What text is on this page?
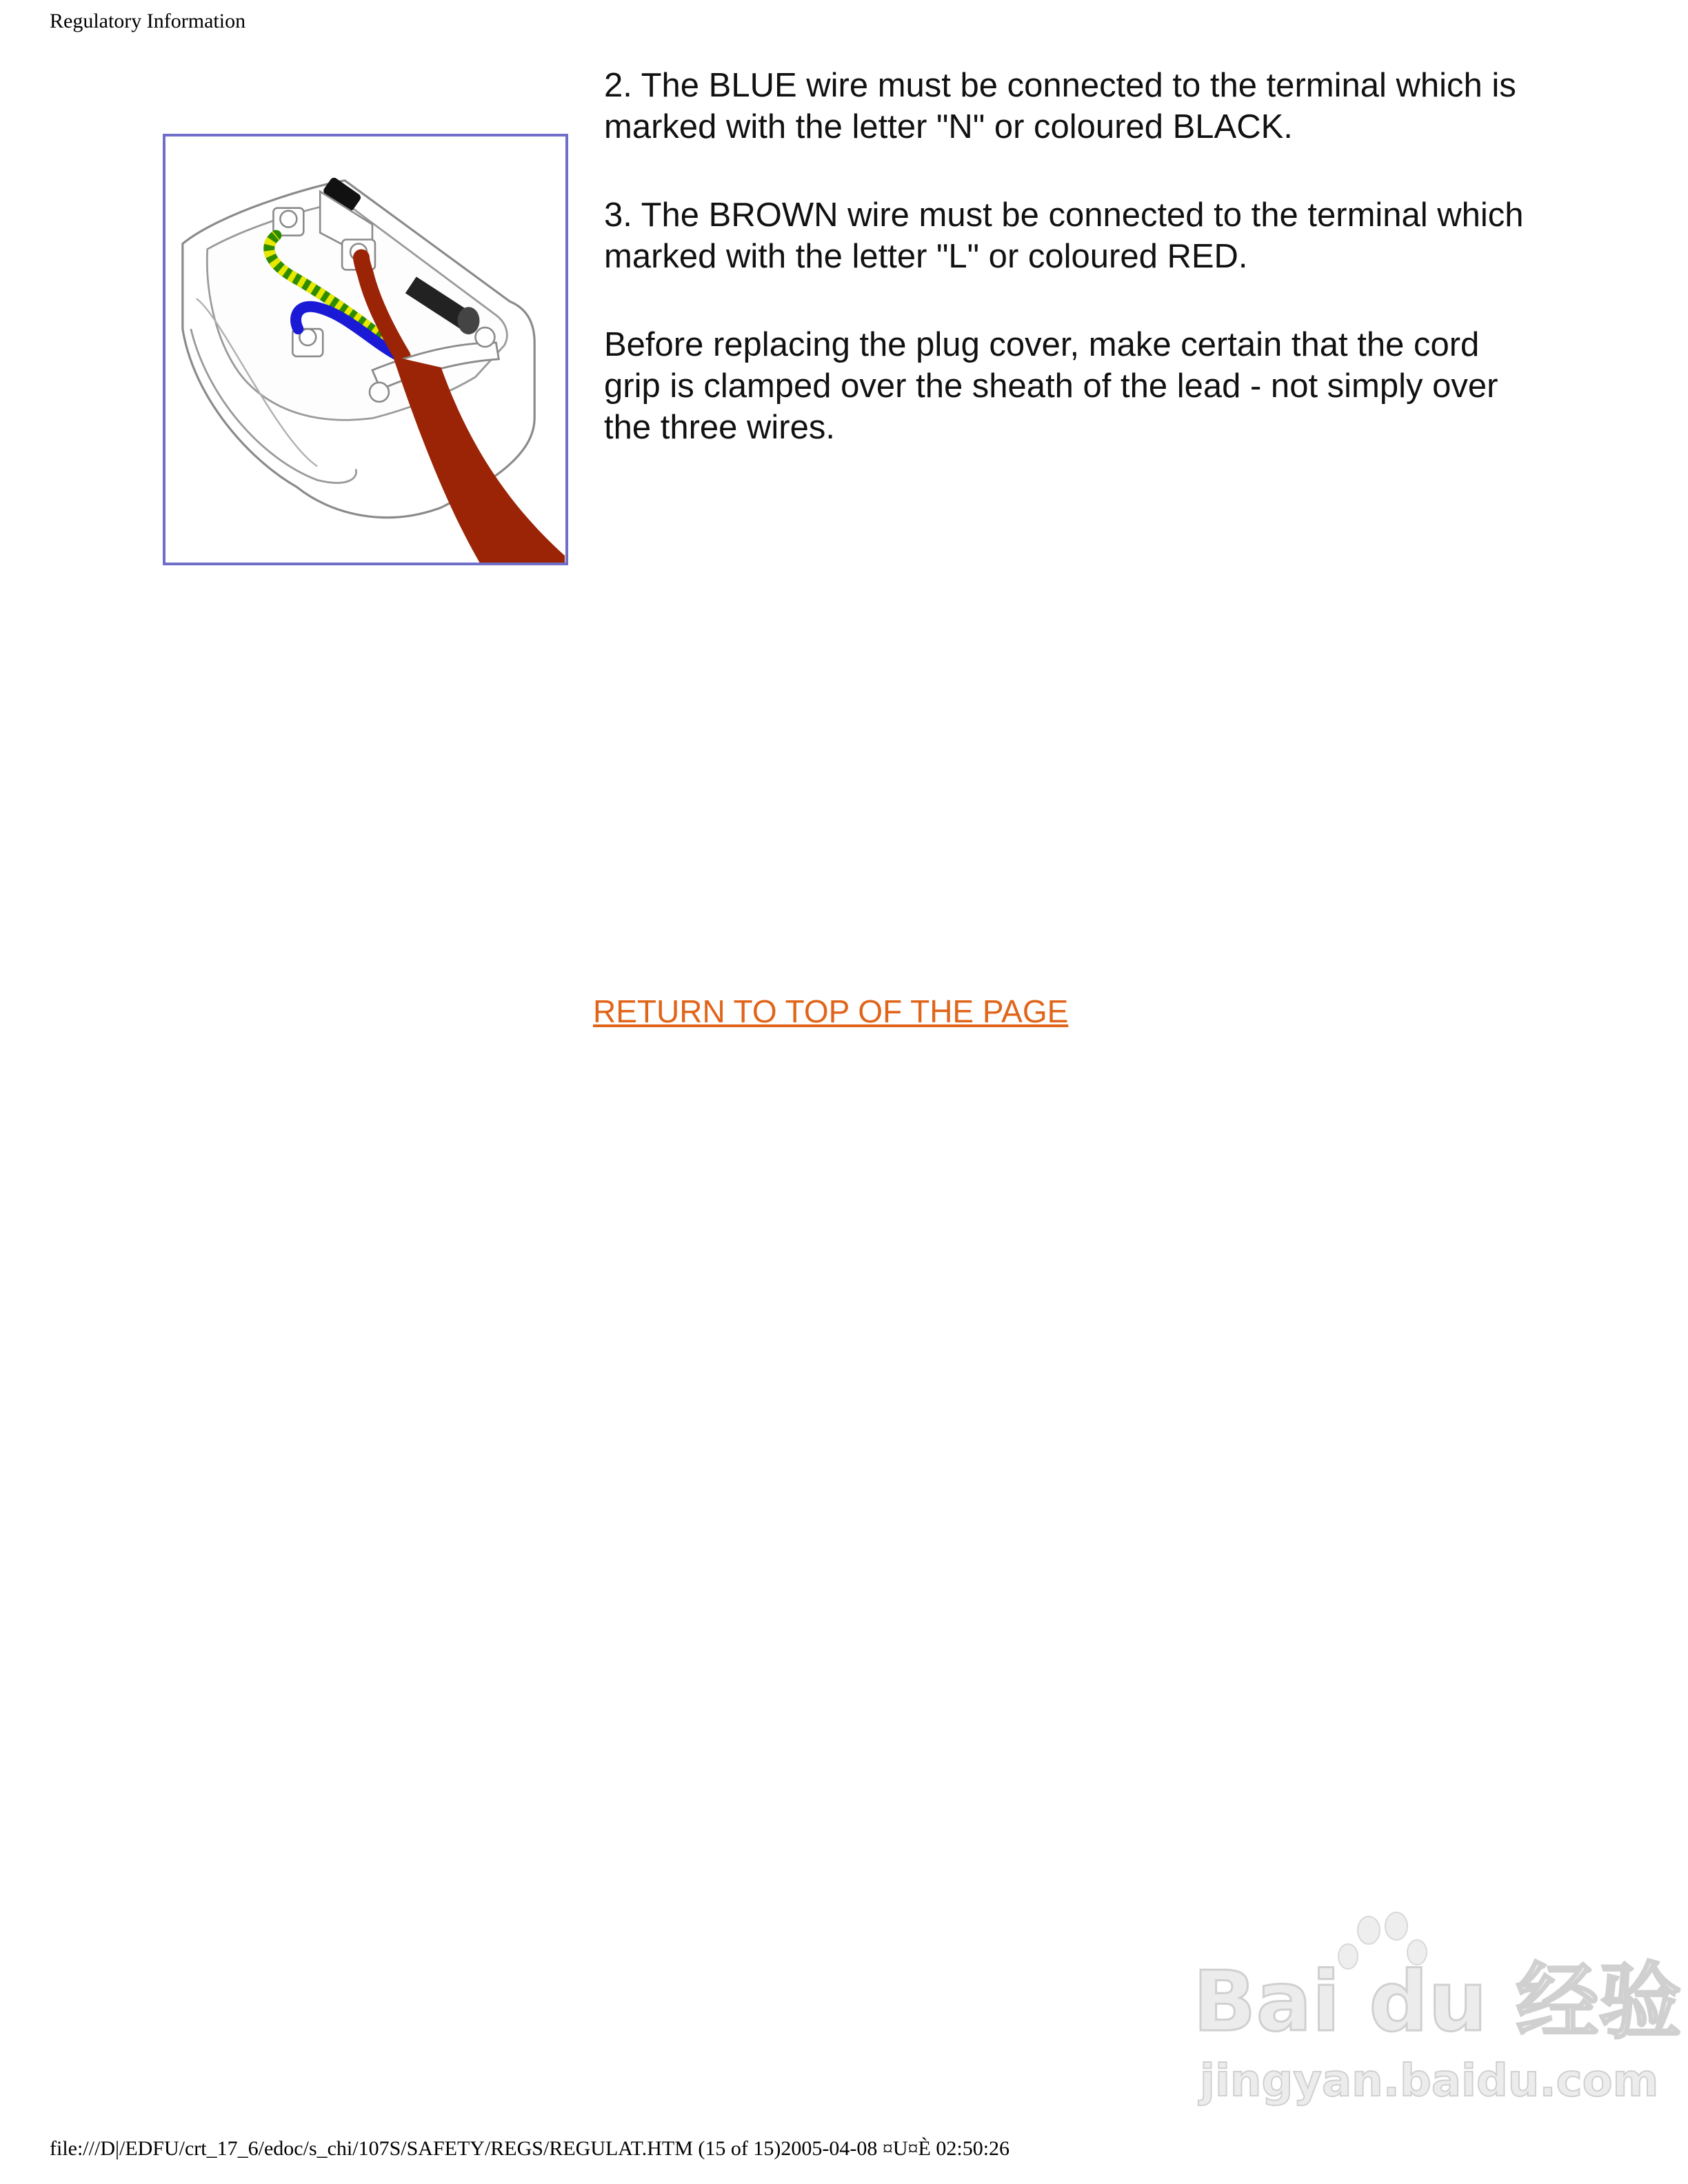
Regulatory Information

2. The BLUE wire must be connected to the terminal which is marked with the letter "N" or coloured BLACK.

3. The BROWN wire must be connected to the terminal which marked with the letter "L" or coloured RED.

Before replacing the plug cover, make certain that the cord grip is clamped over the sheath of the lead - not simply over the three wires.

RETURN TO TOP OF THE PAGE
Bai du 经验
jingyan.baidu.com
file:///D|/EDFU/crt_17_6/edoc/s_chi/107S/SAFETY/REGS/REGULAT.HTM (15 of 15)2005-04-08 ¤U¤È 02:50:26
